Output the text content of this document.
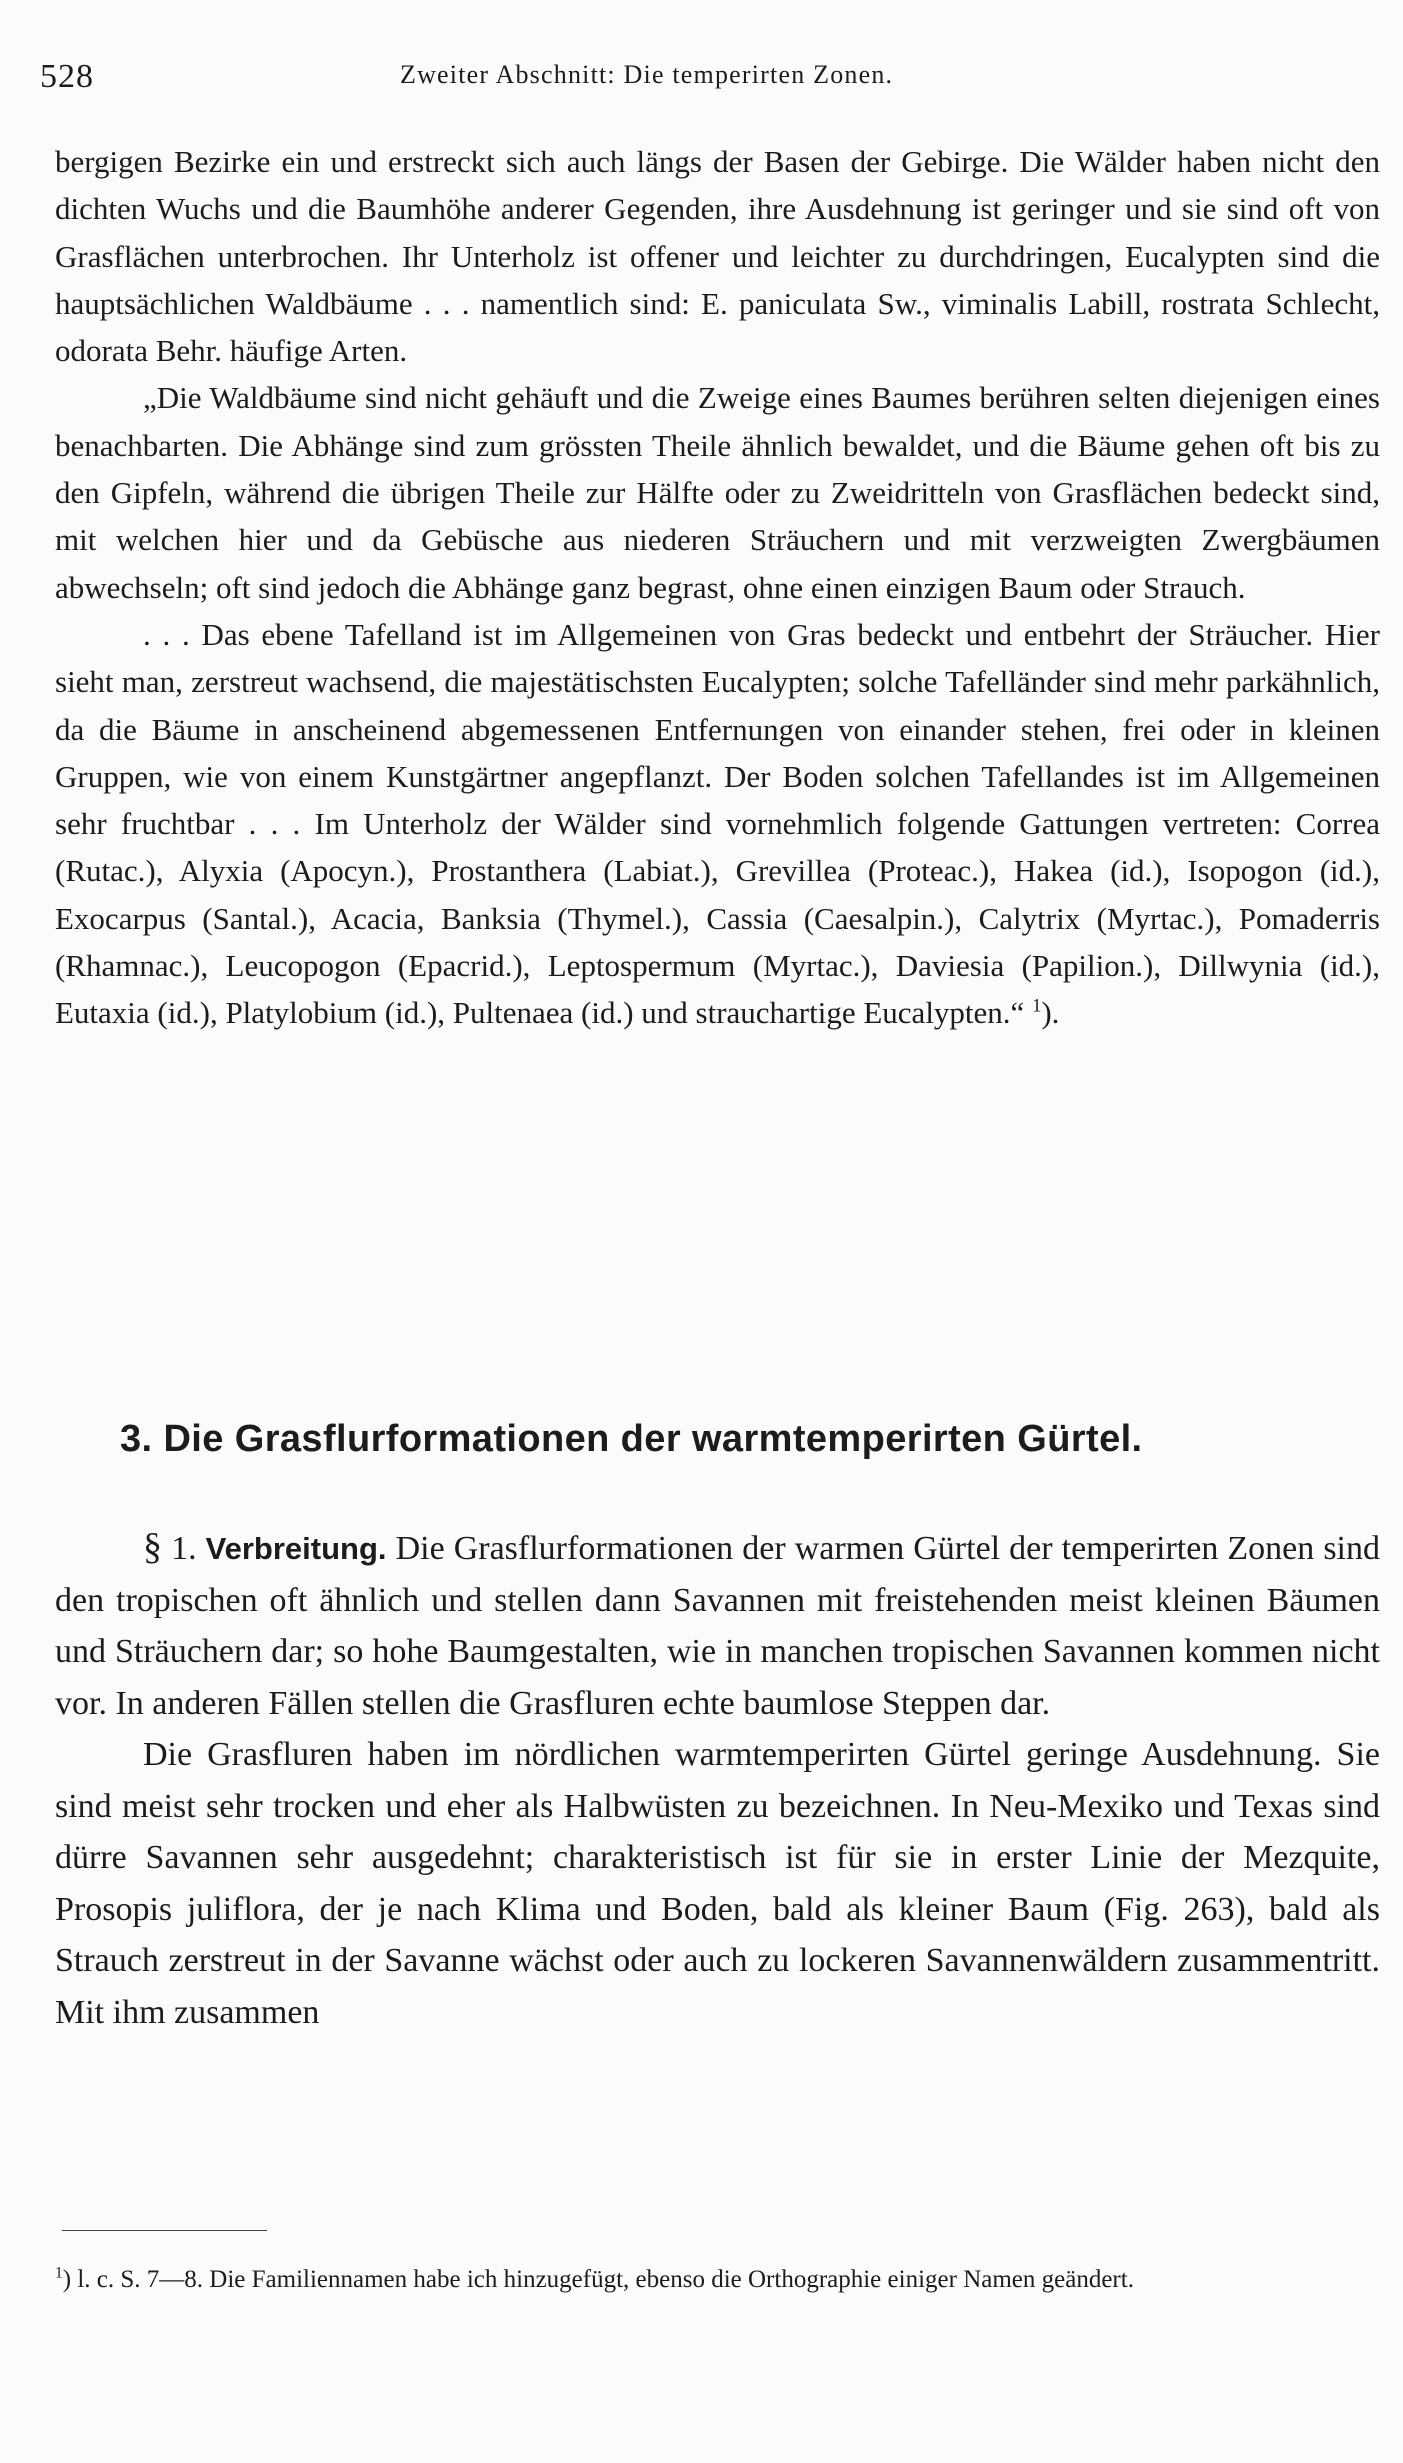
528	Zweiter Abschnitt: Die temperirten Zonen.

bergigen Bezirke ein und erstreckt sich auch längs der Basen der Gebirge. Die Wälder haben nicht den dichten Wuchs und die Baumhöhe anderer Gegenden, ihre Ausdehnung ist geringer und sie sind oft von Grasflächen unterbrochen. Ihr Unterholz ist offener und leichter zu durchdringen, Eucalypten sind die hauptsächlichen Waldbäume . . . namentlich sind: E. paniculata Sw., viminalis Labill, rostrata Schlecht, odorata Behr. häufige Arten.

„Die Waldbäume sind nicht gehäuft und die Zweige eines Baumes berühren selten diejenigen eines benachbarten. Die Abhänge sind zum grössten Theile ähnlich bewaldet, und die Bäume gehen oft bis zu den Gipfeln, während die übrigen Theile zur Hälfte oder zu Zweidritteln von Grasflächen bedeckt sind, mit welchen hier und da Gebüsche aus niederen Sträuchern und mit verzweigten Zwergbäumen abwechseln; oft sind jedoch die Abhänge ganz begrast, ohne einen einzigen Baum oder Strauch.

. . . Das ebene Tafelland ist im Allgemeinen von Gras bedeckt und entbehrt der Sträucher. Hier sieht man, zerstreut wachsend, die majestätischsten Eucalypten; solche Tafelländer sind mehr parkähnlich, da die Bäume in anscheinend abgemessenen Entfernungen von einander stehen, frei oder in kleinen Gruppen, wie von einem Kunstgärtner angepflanzt. Der Boden solchen Tafellandes ist im Allgemeinen sehr fruchtbar . . . Im Unterholz der Wälder sind vornehmlich folgende Gattungen vertreten: Correa (Rutac.), Alyxia (Apocyn.), Prostanthera (Labiat.), Grevillea (Proteac.), Hakea (id.), Isopogon (id.), Exocarpus (Santal.), Acacia, Banksia (Thymel.), Cassia (Caesalpin.), Calytrix (Myrtac.), Pomaderris (Rhamnac.), Leucopogon (Epacrid.), Leptospermum (Myrtac.), Daviesia (Papilion.), Dillwynia (id.), Eutaxia (id.), Platylobium (id.), Pultenaea (id.) und strauchartige Eucalypten.“ $^1$).

3. Die Grasflurformationen der warmtemperirten Gürtel.

§ 1. Verbreitung. Die Grasflurformationen der warmen Gürtel der temperirten Zonen sind den tropischen oft ähnlich und stellen dann Savannen mit freistehenden meist kleinen Bäumen und Sträuchern dar; so hohe Baumgestalten, wie in manchen tropischen Savannen kommen nicht vor. In anderen Fällen stellen die Grasfluren echte baumlose Steppen dar.

Die Grasfluren haben im nördlichen warmtemperirten Gürtel geringe Ausdehnung. Sie sind meist sehr trocken und eher als Halbwüsten zu bezeichnen. In Neu-Mexiko und Texas sind dürre Savannen sehr ausgedehnt; charakteristisch ist für sie in erster Linie der Mezquite, Prosopis juliflora, der je nach Klima und Boden, bald als kleiner Baum (Fig. 263), bald als Strauch zerstreut in der Savanne wächst oder auch zu lockeren Savannenwäldern zusammentritt. Mit ihm zusammen

$^1$) l. c. S. 7—8. Die Familiennamen habe ich hinzugefügt, ebenso die Orthographie einiger Namen geändert.
